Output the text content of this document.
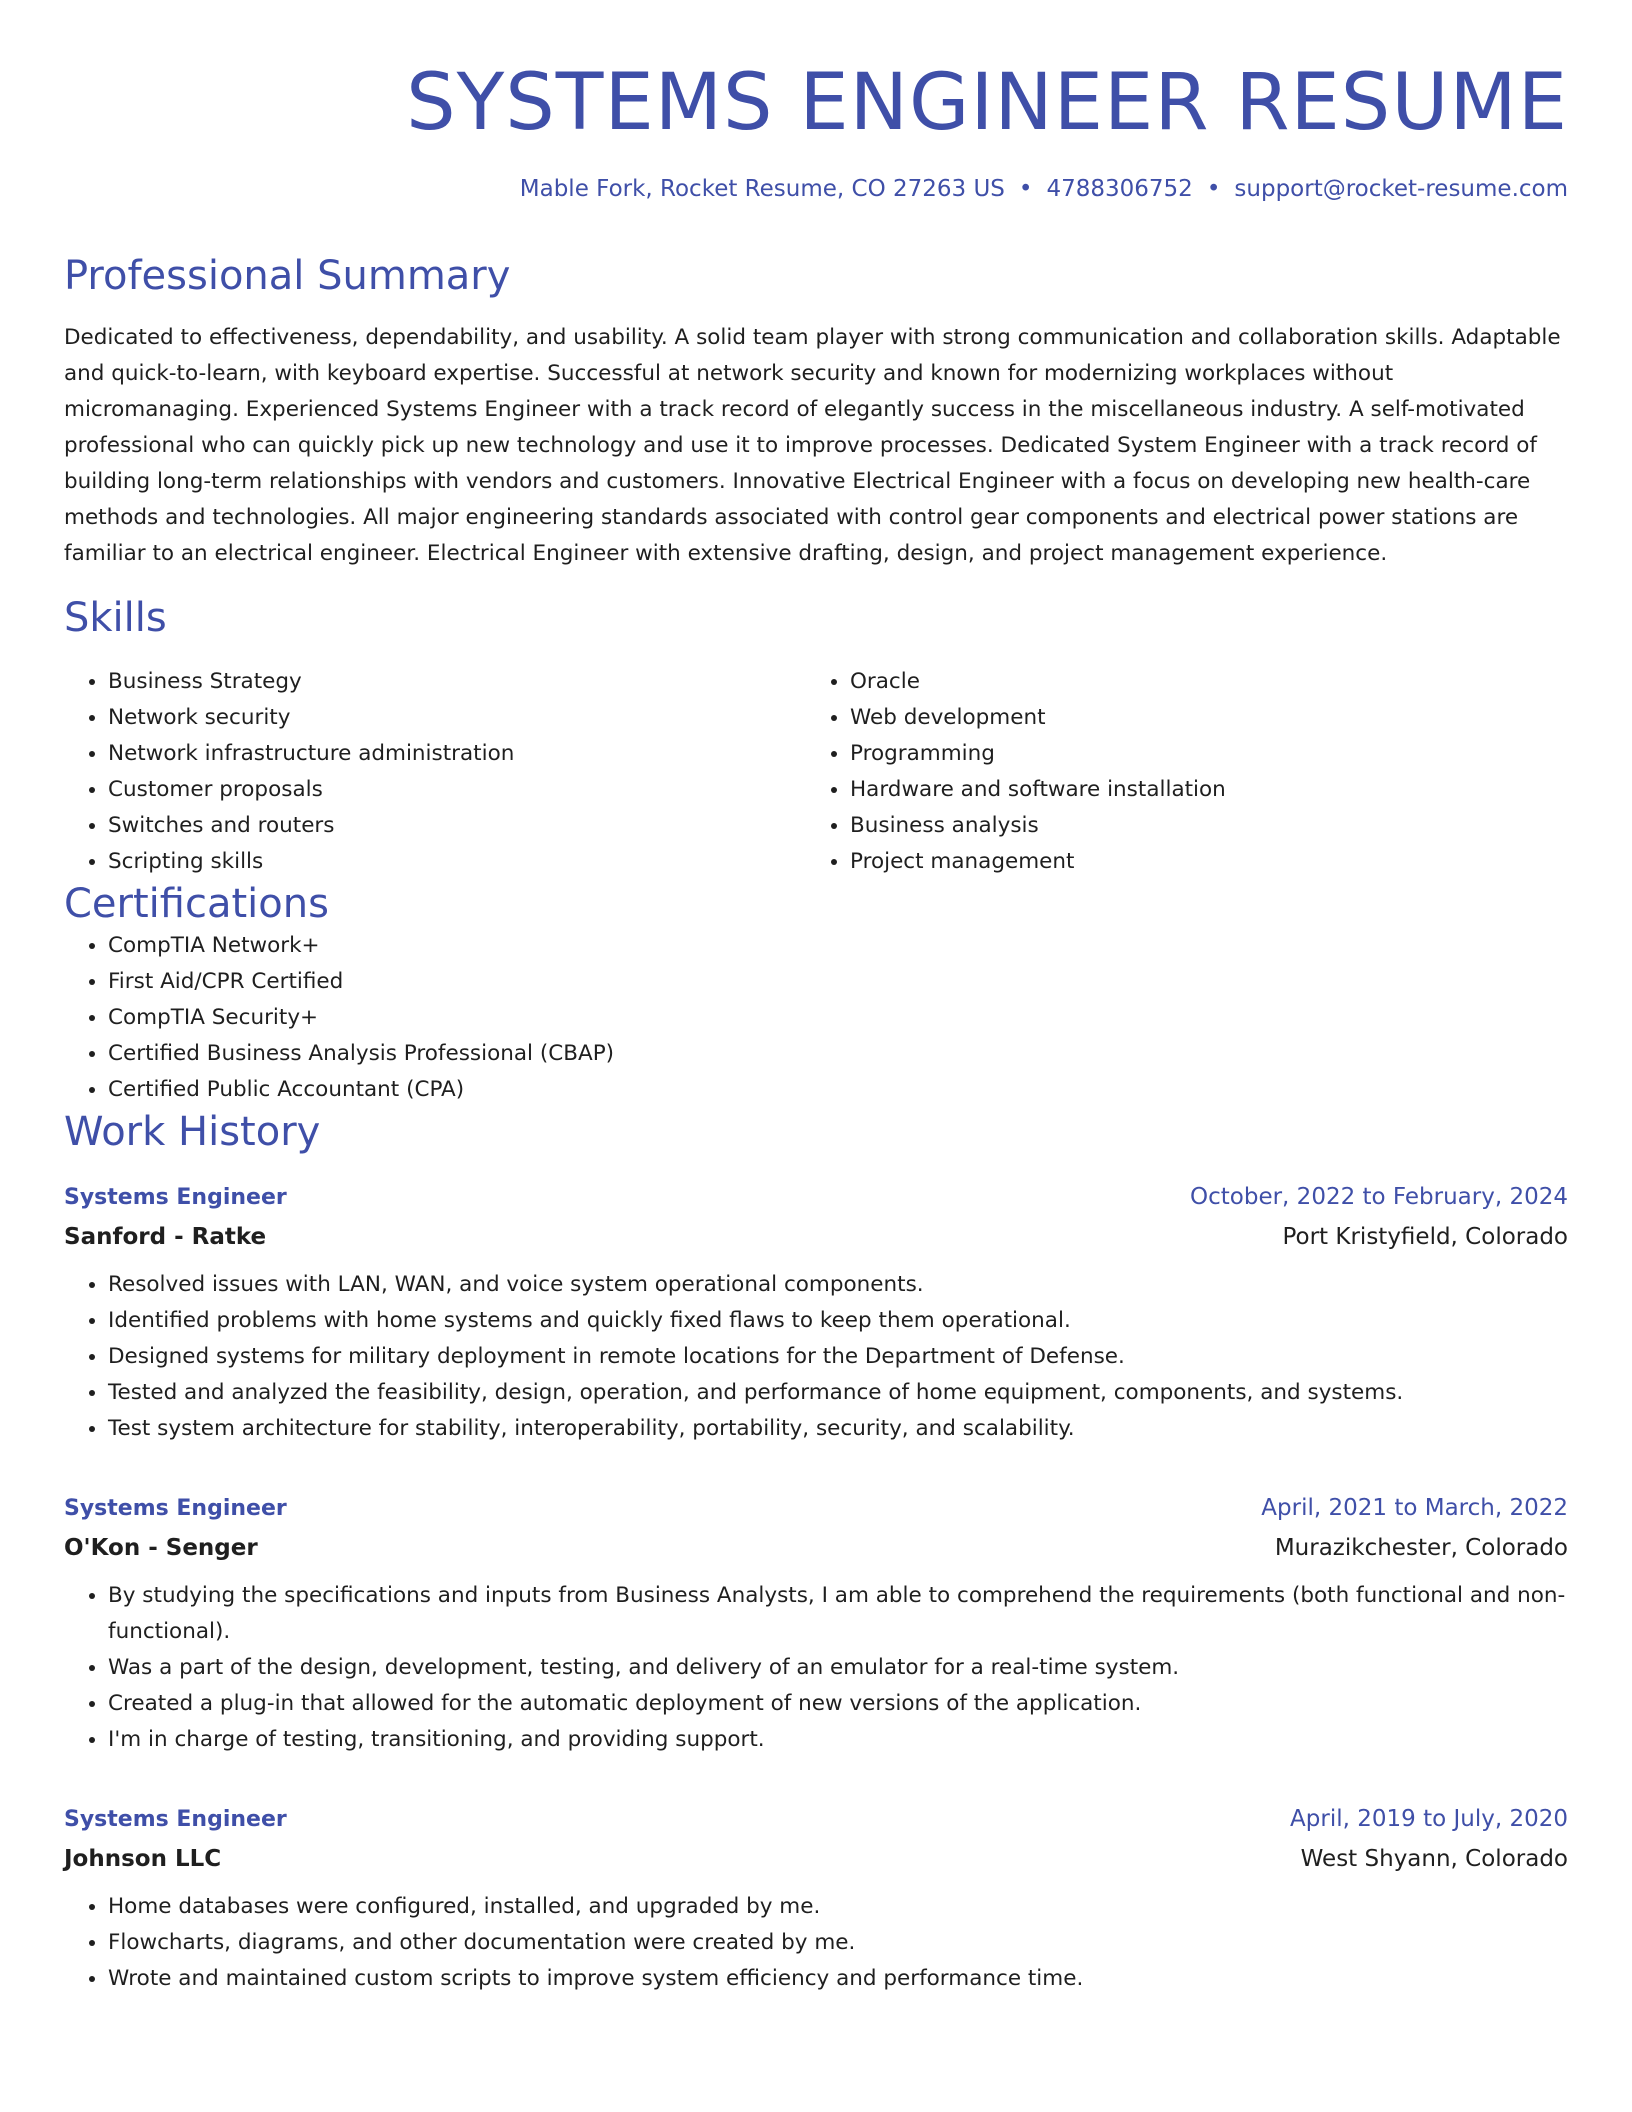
SYSTEMS ENGINEER RESUME
Mable Fork, Rocket Resume, CO 27263 US • 4788306752 • support@rocket-resume.com
Professional Summary

Dedicated to effectiveness, dependability, and usability. A solid team player with strong communication and collaboration skills. Adaptable and quick-to-learn, with keyboard expertise. Successful at network security and known for modernizing workplaces without micromanaging. Experienced Systems Engineer with a track record of elegantly success in the miscellaneous industry. A self-motivated professional who can quickly pick up new technology and use it to improve processes. Dedicated System Engineer with a track record of building long-term relationships with vendors and customers. Innovative Electrical Engineer with a focus on developing new health-care methods and technologies. All major engineering standards associated with control gear components and electrical power stations are familiar to an electrical engineer. Electrical Engineer with extensive drafting, design, and project management experience.

Skills
• Business Strategy
• Network security
• Network infrastructure administration
• Customer proposals
• Switches and routers
• Scripting skills
• Oracle
• Web development
• Programming
• Hardware and software installation
• Business analysis
• Project management
Certifications
• CompTIA Network+
• First Aid/CPR Certified
• CompTIA Security+
• Certified Business Analysis Professional (CBAP)
• Certified Public Accountant (CPA)
Work History
Systems Engineer	October, 2022 to February, 2024
Sanford - Ratke	Port Kristyfield, Colorado
• Resolved issues with LAN, WAN, and voice system operational components.
• Identified problems with home systems and quickly fixed flaws to keep them operational.
• Designed systems for military deployment in remote locations for the Department of Defense.
• Tested and analyzed the feasibility, design, operation, and performance of home equipment, components, and systems.
• Test system architecture for stability, interoperability, portability, security, and scalability.
Systems Engineer	April, 2021 to March, 2022
O'Kon - Senger	Murazikchester, Colorado
• By studying the specifications and inputs from Business Analysts, I am able to comprehend the requirements (both functional and non-functional).
• Was a part of the design, development, testing, and delivery of an emulator for a real-time system.
• Created a plug-in that allowed for the automatic deployment of new versions of the application.
• I'm in charge of testing, transitioning, and providing support.
Systems Engineer	April, 2019 to July, 2020
Johnson LLC	West Shyann, Colorado
• Home databases were configured, installed, and upgraded by me.
• Flowcharts, diagrams, and other documentation were created by me.
• Wrote and maintained custom scripts to improve system efficiency and performance time.
